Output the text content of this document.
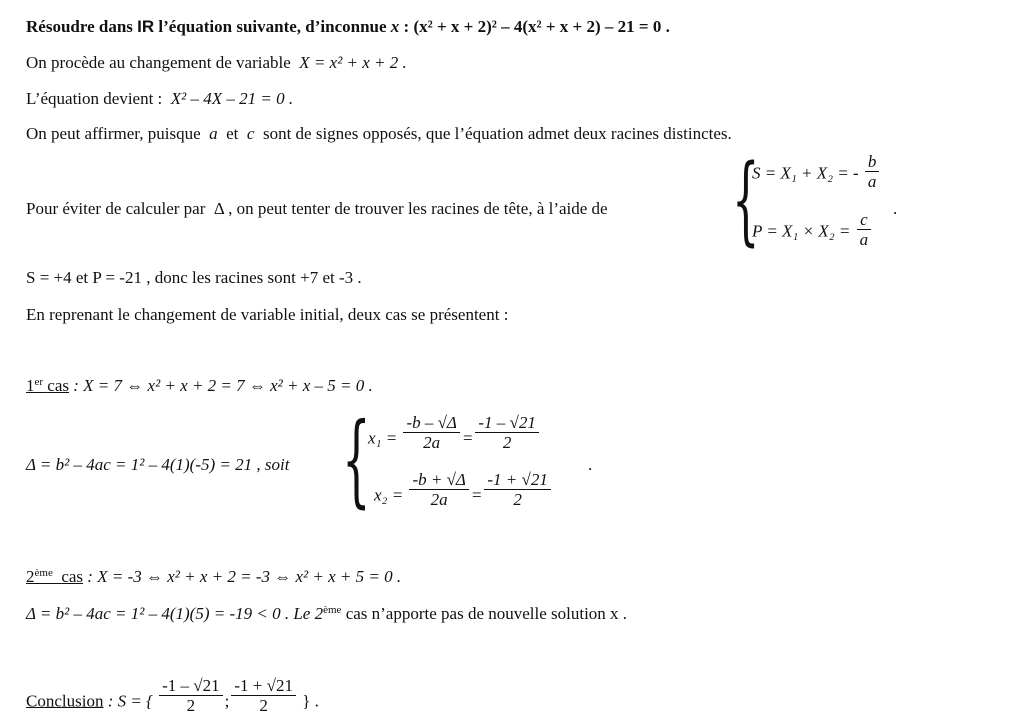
Résoudre dans IR l’équation suivante, d’inconnue x : (x² + x + 2)² – 4(x² + x + 2) – 21 = 0 .
On procède au changement de variable X = x² + x + 2 .
L’équation devient : X² – 4X – 21 = 0 .
On peut affirmer, puisque a et c sont de signes opposés, que l’équation admet deux racines distinctes.
Pour éviter de calculer par Δ , on peut tenter de trouver les racines de tête, à l’aide de {
S = X₁ + X₂ = - $\frac{b}{a}$
$P = X_1 \times X_2 = \frac{c}{a}$
.
S = +4 et P = -21 , donc les racines sont +7 et -3 .
En reprenant le changement de variable initial, deux cas se présentent :
1er cas : X = 7 ⇔ x² + x + 2 = 7 ⇔ x² + x – 5 = 0 .
Δ = b² – 4ac = 1² – 4(1)(-5) = 21 , soit {
$x_1 = \frac{-b - √\Delta}{2a} = \frac{-1 - √21}{2}$
$x_2 = \frac{-b + √\Delta}{2a} = \frac{-1 + √21}{2}$
.
2ème cas : X = -3 ⇔ x² + x + 2 = -3 ⇔ x² + x + 5 = 0 .
Δ = b² – 4ac = 1² – 4(1)(5) = -19 < 0 . Le 2ème cas n’apporte pas de nouvelle solution x .
Conclusion : S = { $\frac{-1 - √21}{2}$ ; $\frac{-1 + √21}{2}$ } .
